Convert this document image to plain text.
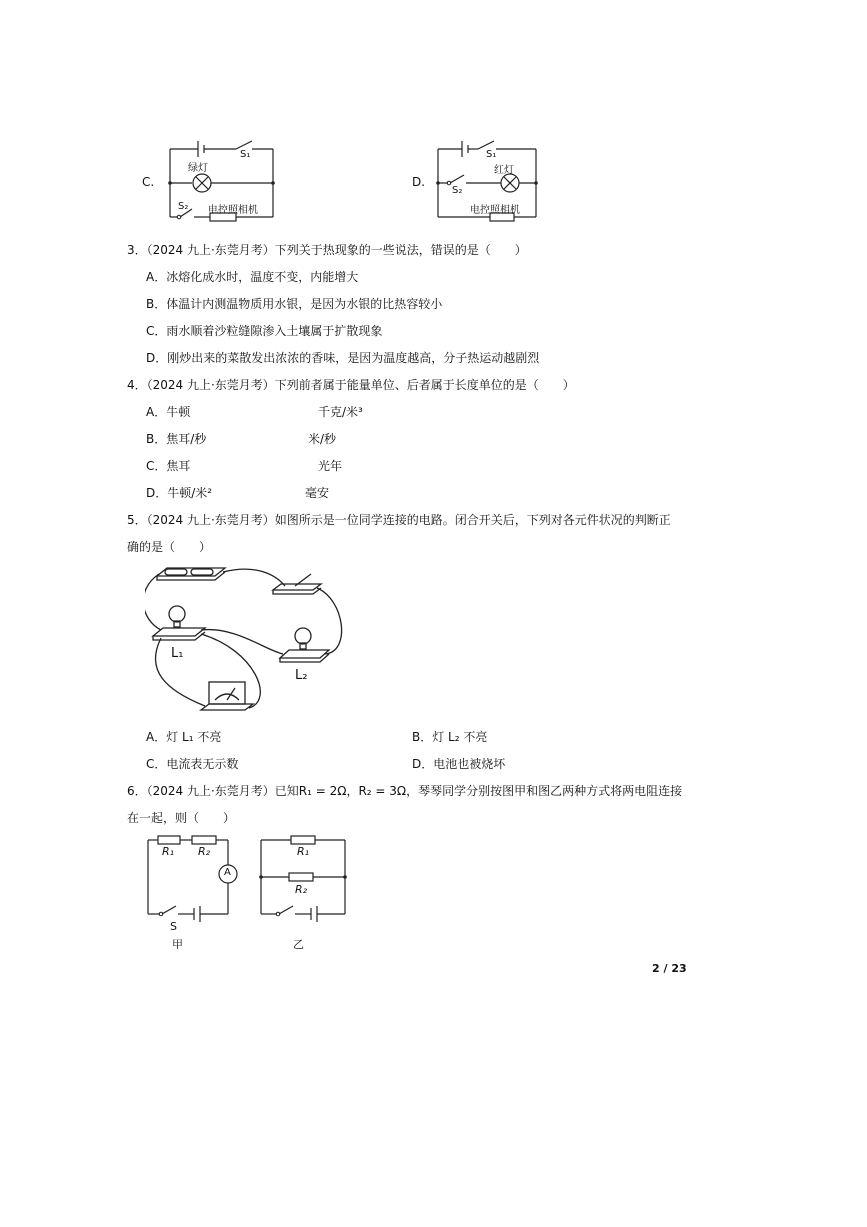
C.
S₁
绿灯
S₂ 电控照相机
D.
S₁
S₂
红灯
电控照相机
3．（2024 九上·东莞月考）下列关于热现象的一些说法，错误的是（　　）
A．冰熔化成水时，温度不变，内能增大
B．体温计内测温物质用水银，是因为水银的比热容较小
C．雨水顺着沙粒缝隙渗入土壤属于扩散现象
D．刚炒出来的菜散发出浓浓的香味，是因为温度越高，分子热运动越剧烈
4．（2024 九上·东莞月考）下列前者属于能量单位、后者属于长度单位的是（　　）
A．牛顿	千克/米³
B．焦耳/秒	米/秒
C．焦耳	光年
D．牛顿/米²	毫安
5．（2024 九上·东莞月考）如图所示是一位同学连接的电路。闭合开关后，下列对各元件状况的判断正
确的是（　　）
L₁
L₂
A．灯 L₁ 不亮	B．灯 L₂ 不亮
C．电流表无示数	D．电池也被烧坏
6．（2024 九上·东莞月考）已知R₁ = 2Ω，R₂ = 3Ω，琴琴同学分别按图甲和图乙两种方式将两电阻连接
在一起，则（　　）
R₁ R₂
A
S
甲
R₁
R₂
乙
2 / 23
